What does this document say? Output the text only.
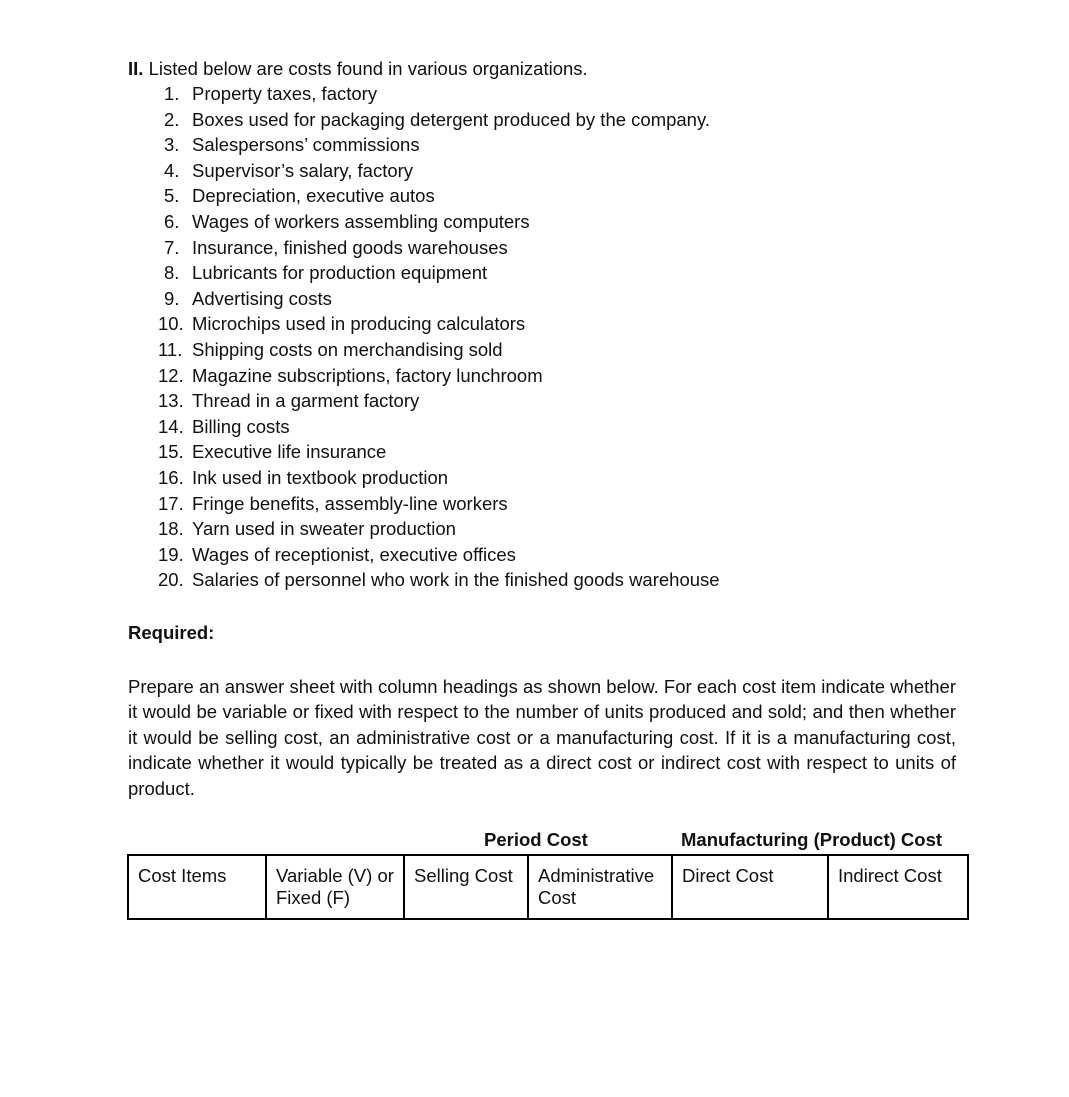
II. Listed below are costs found in various organizations.
1. Property taxes, factory
2. Boxes used for packaging detergent produced by the company.
3. Salespersons’ commissions
4. Supervisor’s salary, factory
5. Depreciation, executive autos
6. Wages of workers assembling computers
7. Insurance, finished goods warehouses
8. Lubricants for production equipment
9. Advertising costs
10. Microchips used in producing calculators
11. Shipping costs on merchandising sold
12. Magazine subscriptions, factory lunchroom
13. Thread in a garment factory
14. Billing costs
15. Executive life insurance
16. Ink used in textbook production
17. Fringe benefits, assembly-line workers
18. Yarn used in sweater production
19. Wages of receptionist, executive offices
20. Salaries of personnel who work in the finished goods warehouse
Required:
Prepare an answer sheet with column headings as shown below. For each cost item indicate whether it would be variable or fixed with respect to the number of units produced and sold; and then whether it would be selling cost, an administrative cost or a manufacturing cost. If it is a manufacturing cost, indicate whether it would typically be treated as a direct cost or indirect cost with respect to units of product.
Period Cost	Manufacturing (Product) Cost
Cost Items	Variable (V) or Fixed (F)	Selling Cost	Administrative Cost	Direct Cost	Indirect Cost
